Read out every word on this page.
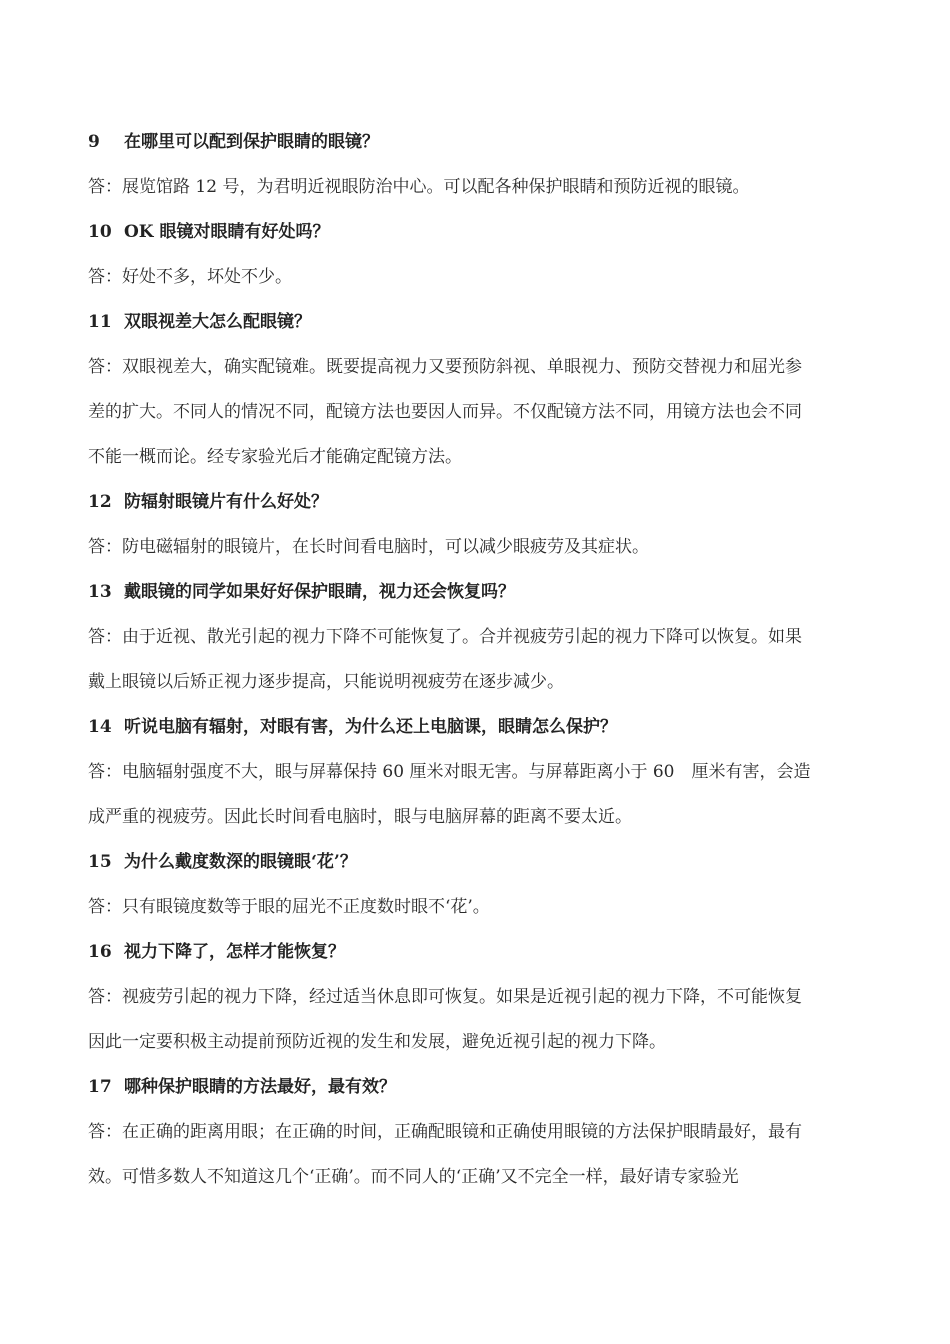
9 在哪里可以配到保护眼睛的眼镜？
答：展览馆路 12 号，为君明近视眼防治中心。可以配各种保护眼睛和预防近视的眼镜。
10 OK 眼镜对眼睛有好处吗？
答：好处不多，坏处不少。
11 双眼视差大怎么配眼镜？
答：双眼视差大，确实配镜难。既要提高视力又要预防斜视、单眼视力、预防交替视力和屈光参
差的扩大。不同人的情况不同，配镜方法也要因人而异。不仅配镜方法不同，用镜方法也会不同
不能一概而论。经专家验光后才能确定配镜方法。
12 防辐射眼镜片有什么好处？
答：防电磁辐射的眼镜片，在长时间看电脑时，可以减少眼疲劳及其症状。
13 戴眼镜的同学如果好好保护眼睛，视力还会恢复吗？
答：由于近视、散光引起的视力下降不可能恢复了。合并视疲劳引起的视力下降可以恢复。如果
戴上眼镜以后矫正视力逐步提高，只能说明视疲劳在逐步减少。
14 听说电脑有辐射，对眼有害，为什么还上电脑课，眼睛怎么保护？
答：电脑辐射强度不大，眼与屏幕保持 60 厘米对眼无害。与屏幕距离小于 60　厘米有害，会造
成严重的视疲劳。因此长时间看电脑时，眼与电脑屏幕的距离不要太近。
15 为什么戴度数深的眼镜眼‘花’？
答：只有眼镜度数等于眼的屈光不正度数时眼不‘花’。
16 视力下降了，怎样才能恢复？
答：视疲劳引起的视力下降，经过适当休息即可恢复。如果是近视引起的视力下降，不可能恢复
因此一定要积极主动提前预防近视的发生和发展，避免近视引起的视力下降。
17 哪种保护眼睛的方法最好，最有效？
答：在正确的距离用眼；在正确的时间，正确配眼镜和正确使用眼镜的方法保护眼睛最好，最有
效。可惜多数人不知道这几个‘正确’。而不同人的‘正确’又不完全一样，最好请专家验光
